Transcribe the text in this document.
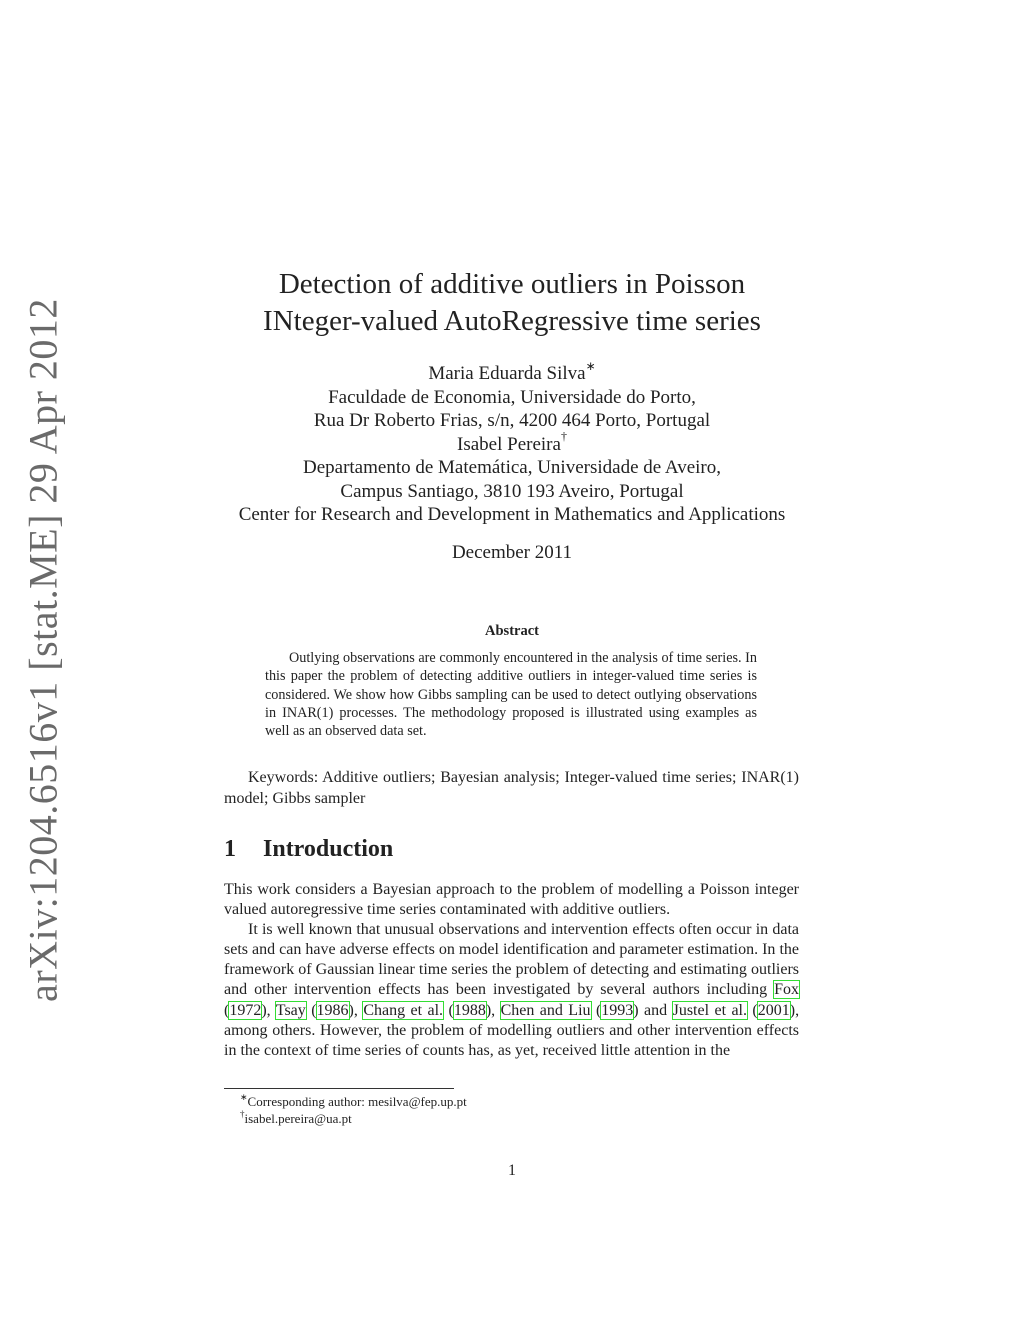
arXiv:1204.6516v1 [stat.ME] 29 Apr 2012
Detection of additive outliers in Poisson
INteger-valued AutoRegressive time series
Maria Eduarda Silva∗
Faculdade de Economia, Universidade do Porto,
Rua Dr Roberto Frias, s/n, 4200 464 Porto, Portugal
Isabel Pereira†
Departamento de Matemática, Universidade de Aveiro,
Campus Santiago, 3810 193 Aveiro, Portugal
Center for Research and Development in Mathematics and Applications
December 2011
Abstract
Outlying observations are commonly encountered in the analysis of time series. In this paper the problem of detecting additive outliers in integer-valued time series is considered. We show how Gibbs sampling can be used to detect outlying observations in INAR(1) processes. The methodology proposed is illustrated using examples as well as an observed data set.
Keywords: Additive outliers; Bayesian analysis; Integer-valued time series; INAR(1) model; Gibbs sampler
1 Introduction

This work considers a Bayesian approach to the problem of modelling a Poisson integer valued autoregressive time series contaminated with additive outliers.

It is well known that unusual observations and intervention effects often occur in data sets and can have adverse effects on model identification and parameter estimation. In the framework of Gaussian linear time series the problem of detecting and estimating outliers and other intervention effects has been investigated by several authors including Fox (1972), Tsay (1986), Chang et al. (1988), Chen and Liu (1993) and Justel et al. (2001), among others. However, the problem of modelling outliers and other intervention effects in the context of time series of counts has, as yet, received little attention in the

∗Corresponding author: mesilva@fep.up.pt
†isabel.pereira@ua.pt
1
